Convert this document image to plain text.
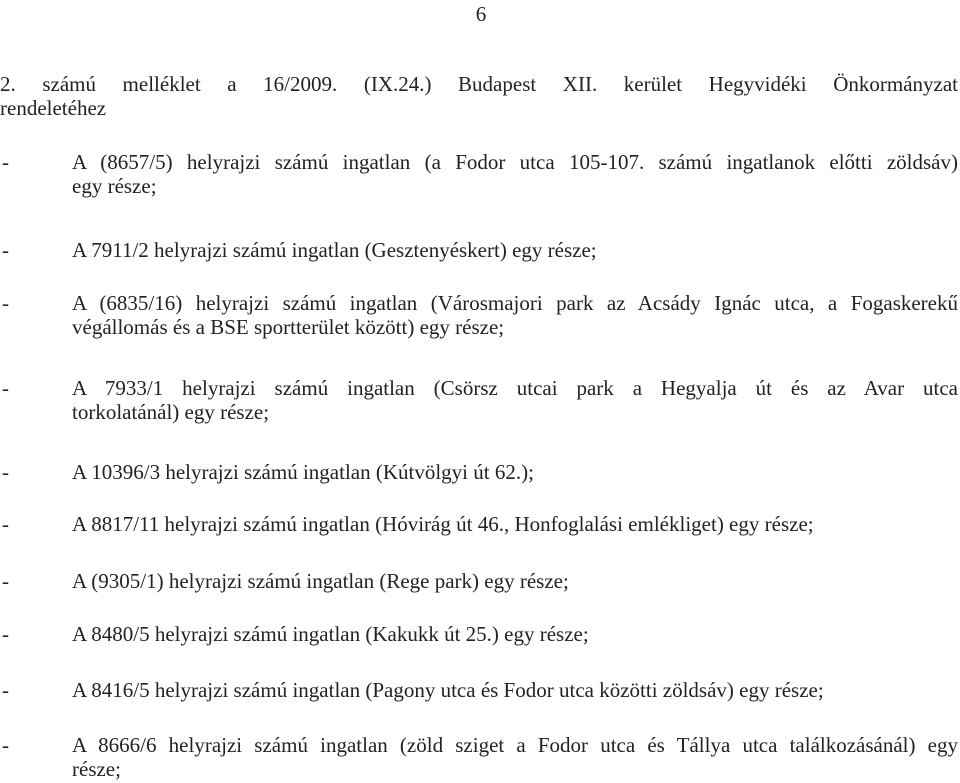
6
2. számú melléklet a 16/2009. (IX.24.) Budapest XII. kerület Hegyvidéki Önkormányzat
rendeletéhez
-	A (8657/5) helyrajzi számú ingatlan (a Fodor utca 105-107. számú ingatlanok előtti zöldsáv)
egy része;
-	A 7911/2 helyrajzi számú ingatlan (Gesztenyéskert) egy része;
-	A (6835/16) helyrajzi számú ingatlan (Városmajori park az Acsády Ignác utca, a Fogaskerekű
végállomás és a BSE sportterület között) egy része;
-	A 7933/1 helyrajzi számú ingatlan (Csörsz utcai park a Hegyalja út és az Avar utca
torkolatánál) egy része;
-	A 10396/3 helyrajzi számú ingatlan (Kútvölgyi út 62.);
-	A 8817/11 helyrajzi számú ingatlan (Hóvirág út 46., Honfoglalási emlékliget) egy része;
-	A (9305/1) helyrajzi számú ingatlan (Rege park) egy része;
-	A 8480/5 helyrajzi számú ingatlan (Kakukk út 25.) egy része;
-	A 8416/5 helyrajzi számú ingatlan (Pagony utca és Fodor utca közötti zöldsáv) egy része;
-	A 8666/6 helyrajzi számú ingatlan (zöld sziget a Fodor utca és Tállya utca találkozásánál) egy
része;
